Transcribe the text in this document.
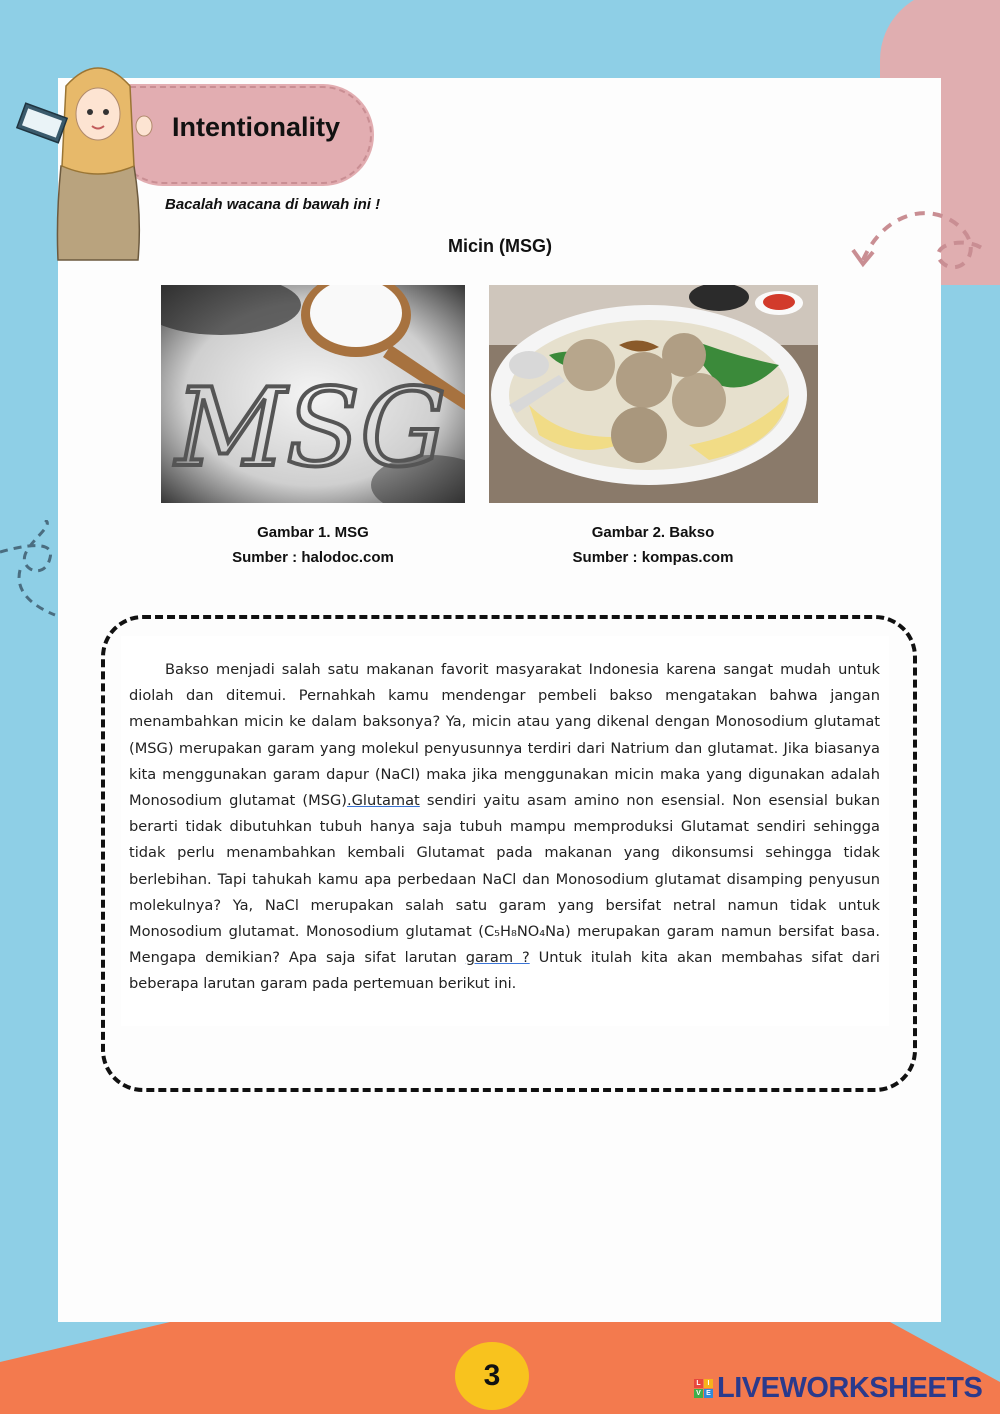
Intentionality
Bacalah wacana di bawah ini !
Micin (MSG)
MSG
Gambar 1. MSG
Sumber : halodoc.com
Gambar 2. Bakso
Sumber : kompas.com

Bakso menjadi salah satu makanan favorit masyarakat Indonesia karena sangat mudah untuk diolah dan ditemui. Pernahkah kamu mendengar pembeli bakso mengatakan bahwa jangan menambahkan micin ke dalam baksonya? Ya, micin atau yang dikenal dengan Monosodium glutamat (MSG) merupakan garam yang molekul penyusunnya terdiri dari Natrium dan glutamat. Jika biasanya kita menggunakan garam dapur (NaCl) maka jika menggunakan micin maka yang digunakan adalah Monosodium glutamat (MSG).Glutamat sendiri yaitu asam amino non esensial. Non esensial bukan berarti tidak dibutuhkan tubuh hanya saja tubuh mampu memproduksi Glutamat sendiri sehingga tidak perlu menambahkan kembali Glutamat pada makanan yang dikonsumsi sehingga tidak berlebihan. Tapi tahukah kamu apa perbedaan NaCl dan Monosodium glutamat disamping penyusun molekulnya? Ya, NaCl merupakan salah satu garam yang bersifat netral namun tidak untuk Monosodium glutamat. Monosodium glutamat (C₅H₈NO₄Na) merupakan garam namun bersifat basa. Mengapa demikian? Apa saja sifat larutan garam ? Untuk itulah kita akan membahas sifat dari beberapa larutan garam pada pertemuan berikut ini.

3	L I
V E LIVEWORKSHEETS
